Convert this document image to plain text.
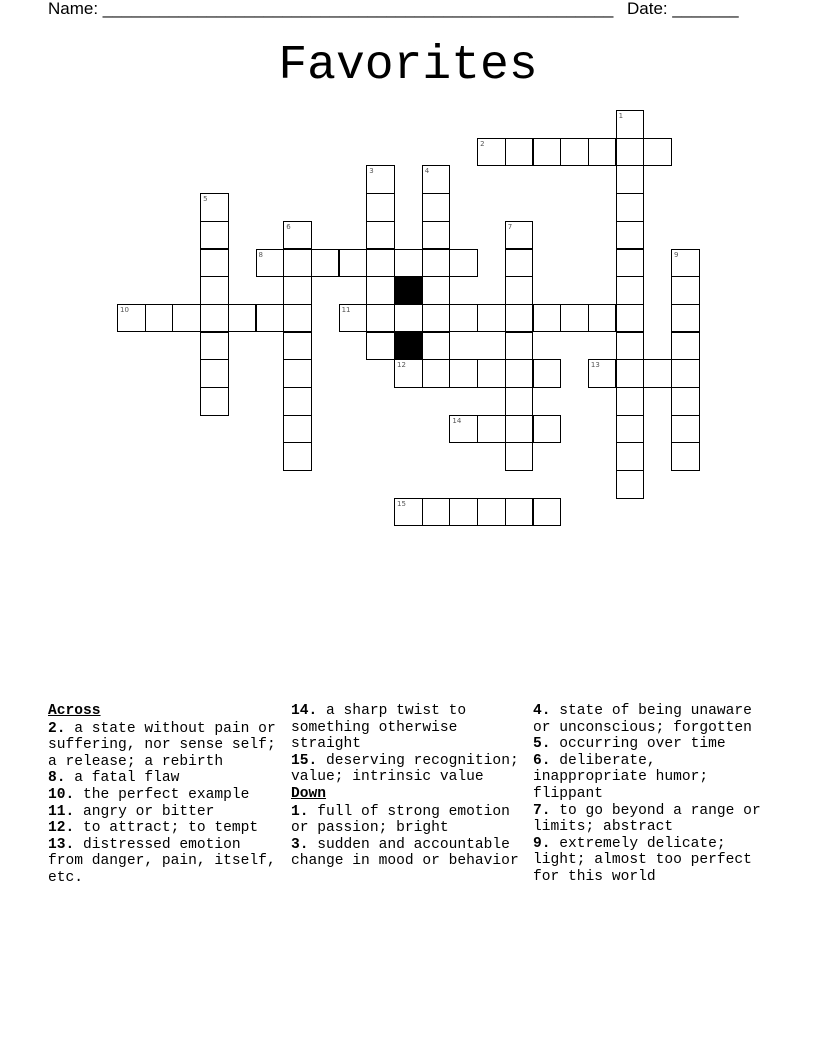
Name: ______________________________________________________ Date: _______
Favorites
2
8
10	11
12	13
14
15
1
3	4
5
6	7
9
Across
2. a state without pain or suffering, nor sense self; a release; a rebirth
8. a fatal flaw
10. the perfect example
11. angry or bitter
12. to attract; to tempt
13. distressed emotion from danger, pain, itself, etc.
14. a sharp twist to something otherwise straight
15. deserving recognition; value; intrinsic value
Down
1. full of strong emotion or passion; bright
3. sudden and accountable change in mood or behavior
4. state of being unaware or unconscious; forgotten
5. occurring over time
6. deliberate, inappropriate humor; flippant
7. to go beyond a range or limits; abstract
9. extremely delicate; light; almost too perfect for this world
